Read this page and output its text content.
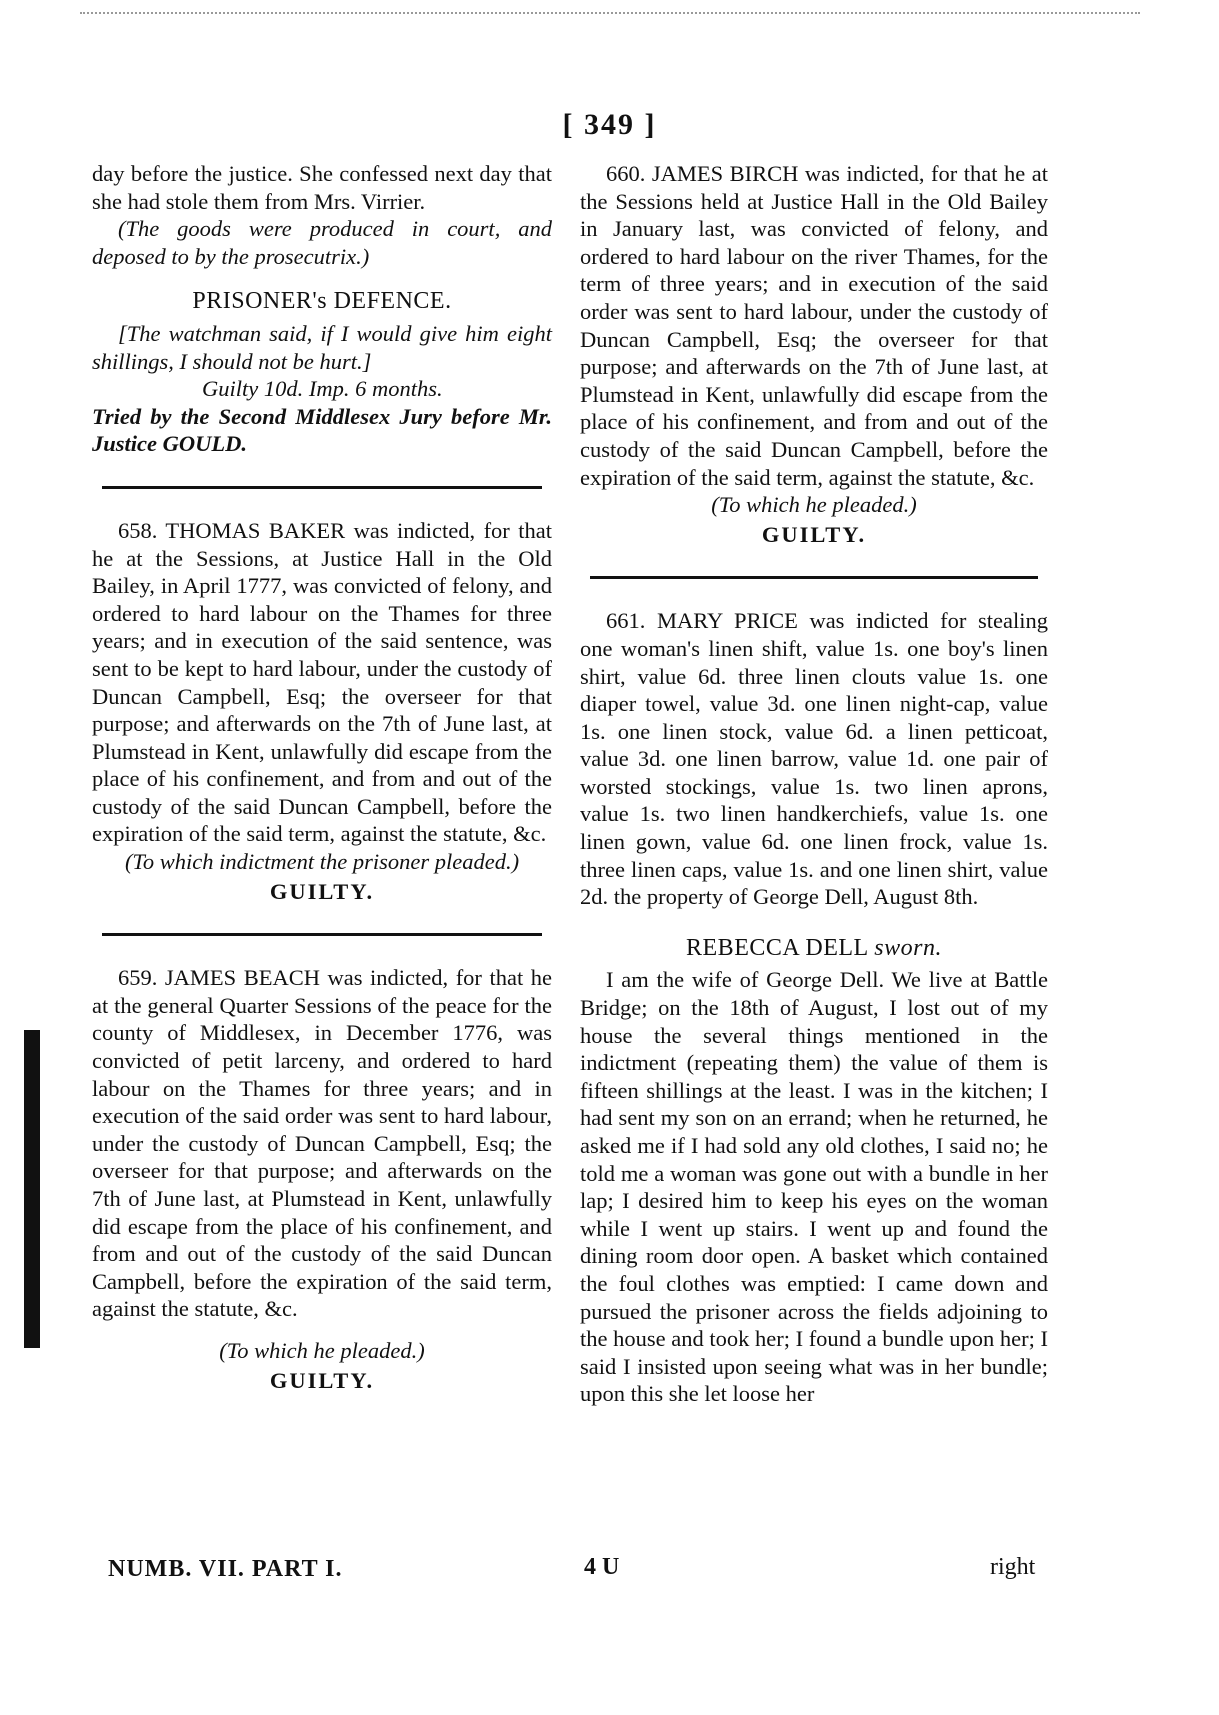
[ 349 ]

day before the justice. She confessed next day that she had stole them from Mrs. Virrier.

(The goods were produced in court, and deposed to by the prosecutrix.)

PRISONER's DEFENCE.

[The watchman said, if I would give him eight shillings, I should not be hurt.]

Guilty 10d. Imp. 6 months.

Tried by the Second Middlesex Jury before Mr. Justice GOULD.

658. THOMAS BAKER was indicted, for that he at the Sessions, at Justice Hall in the Old Bailey, in April 1777, was convicted of felony, and ordered to hard labour on the Thames for three years; and in execution of the said sentence, was sent to be kept to hard labour, under the custody of Duncan Campbell, Esq; the overseer for that purpose; and afterwards on the 7th of June last, at Plumstead in Kent, unlawfully did escape from the place of his confinement, and from and out of the custody of the said Duncan Campbell, before the expiration of the said term, against the statute, &c.

(To which indictment the prisoner pleaded.)

GUILTY.

659. JAMES BEACH was indicted, for that he at the general Quarter Sessions of the peace for the county of Middlesex, in December 1776, was convicted of petit larceny, and ordered to hard labour on the Thames for three years; and in execution of the said order was sent to hard labour, under the custody of Duncan Campbell, Esq; the overseer for that purpose; and afterwards on the 7th of June last, at Plumstead in Kent, unlawfully did escape from the place of his confinement, and from and out of the custody of the said Duncan Campbell, before the expiration of the said term, against the statute, &c.

(To which he pleaded.)

GUILTY.

660. JAMES BIRCH was indicted, for that he at the Sessions held at Justice Hall in the Old Bailey in January last, was convicted of felony, and ordered to hard labour on the river Thames, for the term of three years; and in execution of the said order was sent to hard labour, under the custody of Duncan Campbell, Esq; the overseer for that purpose; and afterwards on the 7th of June last, at Plumstead in Kent, unlawfully did escape from the place of his confinement, and from and out of the custody of the said Duncan Campbell, before the expiration of the said term, against the statute, &c.

(To which he pleaded.)

GUILTY.

661. MARY PRICE was indicted for stealing one woman's linen shift, value 1s. one boy's linen shirt, value 6d. three linen clouts value 1s. one diaper towel, value 3d. one linen night-cap, value 1s. one linen stock, value 6d. a linen petticoat, value 3d. one linen barrow, value 1d. one pair of worsted stockings, value 1s. two linen aprons, value 1s. two linen handkerchiefs, value 1s. one linen gown, value 6d. one linen frock, value 1s. three linen caps, value 1s. and one linen shirt, value 2d. the property of George Dell, August 8th.

REBECCA DELL sworn.

I am the wife of George Dell. We live at Battle Bridge; on the 18th of August, I lost out of my house the several things mentioned in the indictment (repeating them) the value of them is fifteen shillings at the least. I was in the kitchen; I had sent my son on an errand; when he returned, he asked me if I had sold any old clothes, I said no; he told me a woman was gone out with a bundle in her lap; I desired him to keep his eyes on the woman while I went up stairs. I went up and found the dining room door open. A basket which contained the foul clothes was emptied: I came down and pursued the prisoner across the fields adjoining to the house and took her; I found a bundle upon her; I said I insisted upon seeing what was in her bundle; upon this she let loose her

NUMB. VII. PART I.	4 U	right
